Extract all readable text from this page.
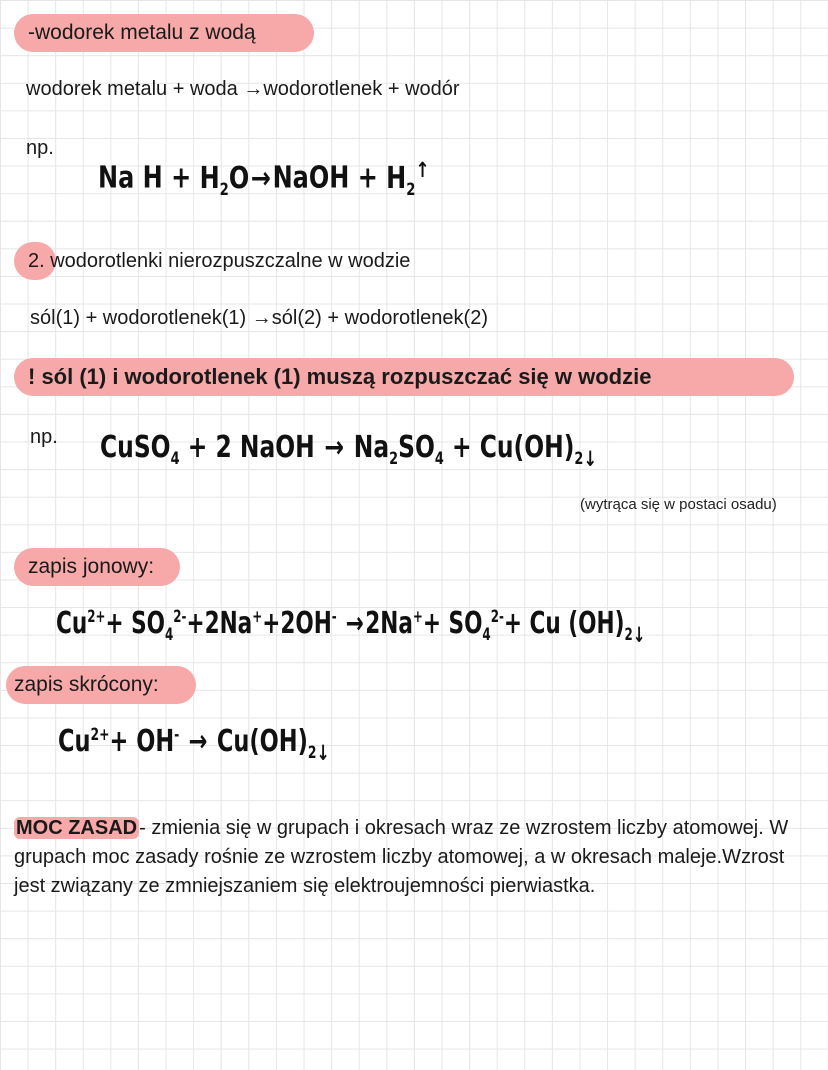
-wodorek metalu z wodą
wodorek metalu + woda →wodorotlenek + wodór
np.
Na $H + H_2O\to NaOH$ + $H_2↑$
2. wodorotlenki nierozpuszczalne w wodzie
sól(1) + wodorotlenek(1) →sól(2) + wodorotlenek(2)
! sól (1) i wodorotlenek (1) muszą rozpuszczać się w wodzie
np. CuSO$_4$ + 2 NaOH → $Na_2SO_4$ + $Cu(OH)_2↓$
(wytrąca się w postaci osadu)
zapis jonowy:
$Cu^{2+}+ SO_4^{2-}+2Na^++2OH^- \to 2Na^++ SO_4^{2-}+ Cu$ $(OH)_2↓$
zapis skrócony:
$Cu^{2+}+ OH^-$ → $Cu(OH)_2↓$
MOC ZASAD - zmienia się w grupach i okresach wraz ze wzrostem liczby atomowej. W grupach moc zasady rośnie ze wzrostem liczby atomowej, a w okresach maleje.Wzrost jest związany ze zmniejszaniem się elektroujemności pierwiastka.
